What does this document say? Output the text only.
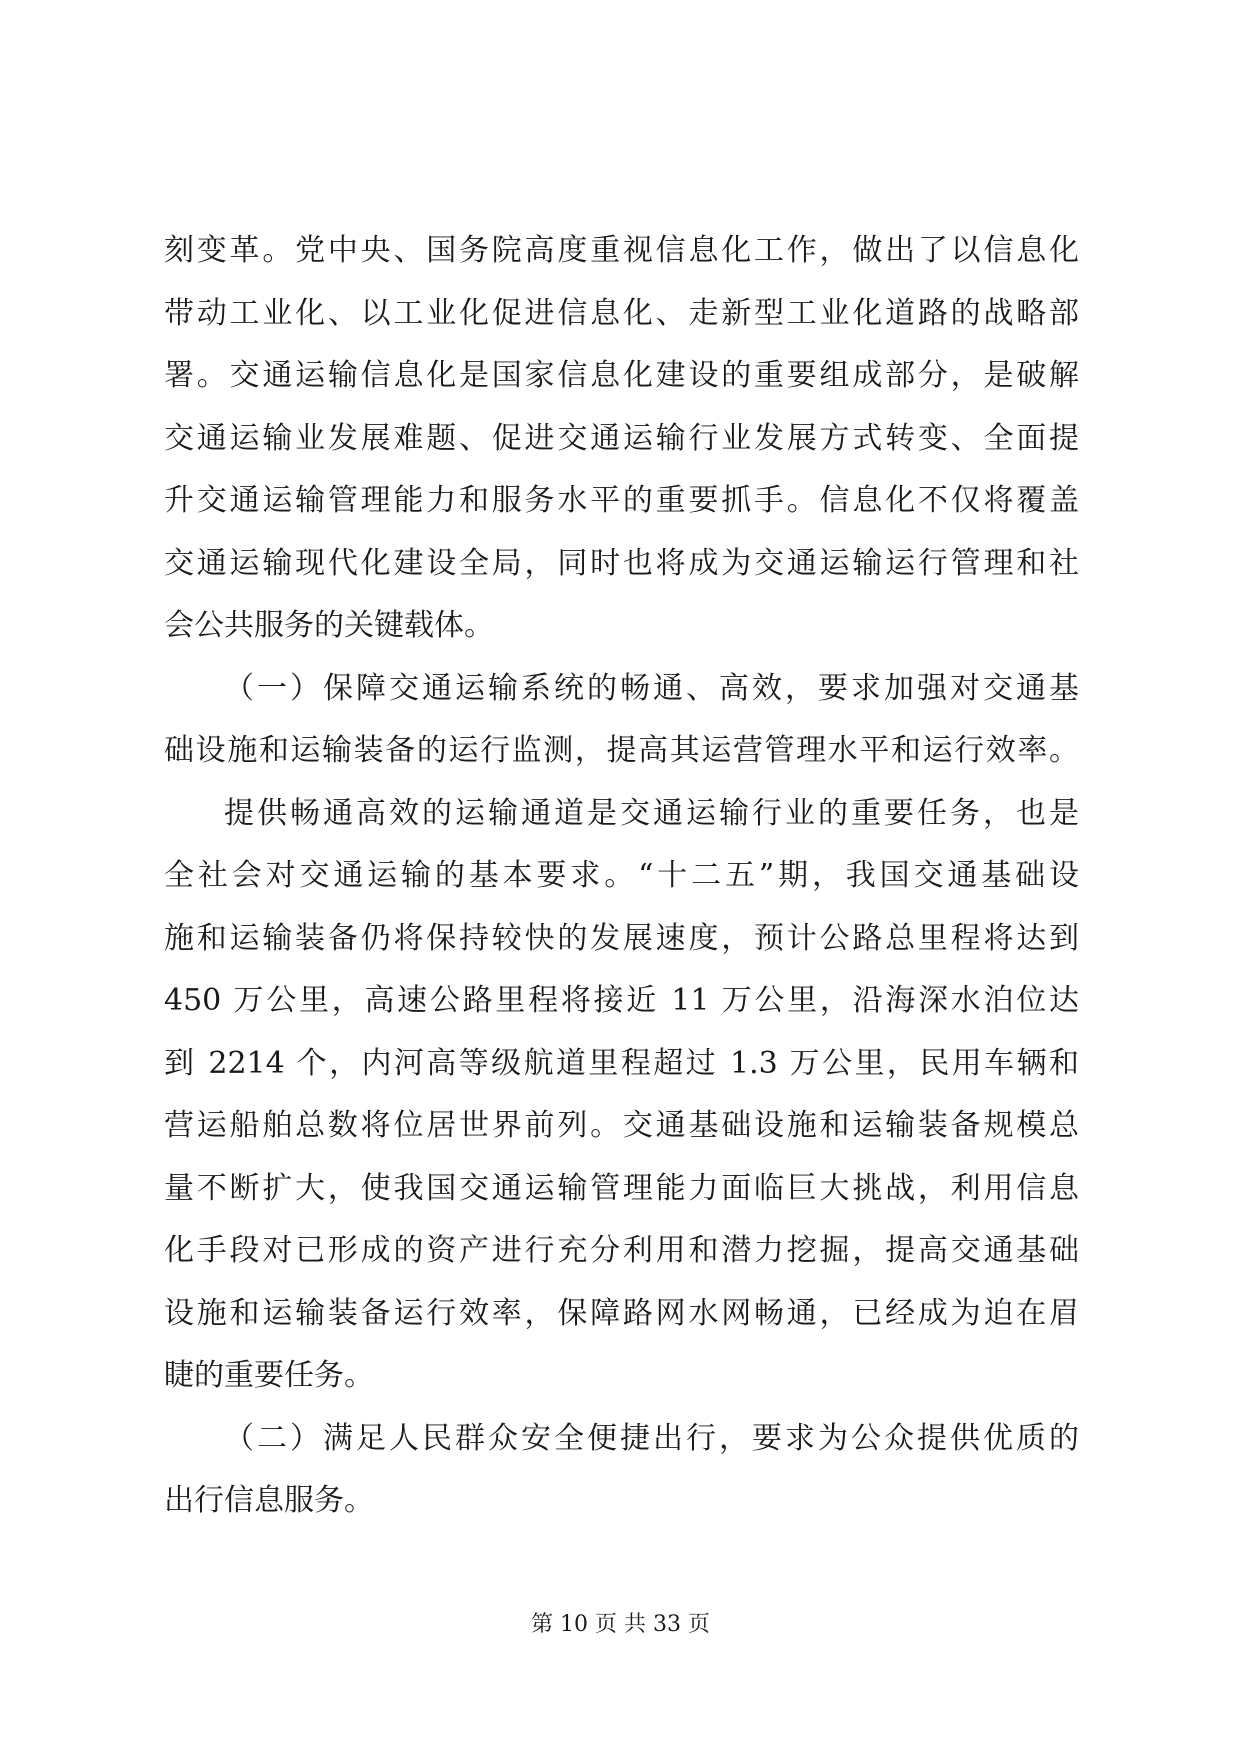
刻变革。党中央、国务院高度重视信息化工作，做出了以信息化
带动工业化、以工业化促进信息化、走新型工业化道路的战略部
署。交通运输信息化是国家信息化建设的重要组成部分，是破解
交通运输业发展难题、促进交通运输行业发展方式转变、全面提
升交通运输管理能力和服务水平的重要抓手。信息化不仅将覆盖
交通运输现代化建设全局，同时也将成为交通运输运行管理和社
会公共服务的关键载体。
（一）保障交通运输系统的畅通、高效，要求加强对交通基
础设施和运输装备的运行监测，提高其运营管理水平和运行效率。
提供畅通高效的运输通道是交通运输行业的重要任务，也是
全社会对交通运输的基本要求。“十二五”期，我国交通基础设
施和运输装备仍将保持较快的发展速度，预计公路总里程将达到
450 万公里，高速公路里程将接近 11 万公里，沿海深水泊位达
到 2214 个，内河高等级航道里程超过 1.3 万公里，民用车辆和
营运船舶总数将位居世界前列。交通基础设施和运输装备规模总
量不断扩大，使我国交通运输管理能力面临巨大挑战，利用信息
化手段对已形成的资产进行充分利用和潜力挖掘，提高交通基础
设施和运输装备运行效率，保障路网水网畅通，已经成为迫在眉
睫的重要任务。
（二）满足人民群众安全便捷出行，要求为公众提供优质的
出行信息服务。
第 10 页 共 33 页
